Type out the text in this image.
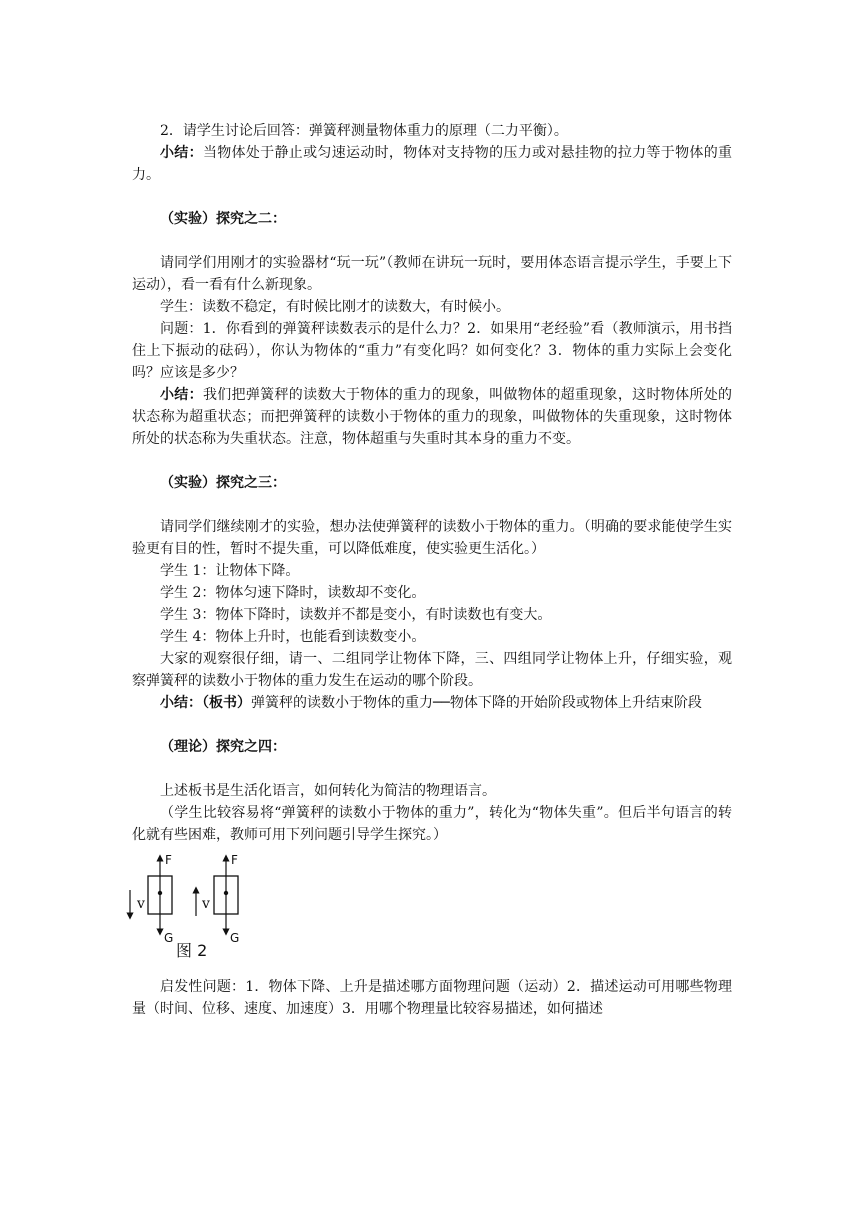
2．请学生讨论后回答：弹簧秤测量物体重力的原理（二力平衡）。

小结：当物体处于静止或匀速运动时，物体对支持物的压力或对悬挂物的拉力等于物体的重力。

（实验）探究之二：

请同学们用刚才的实验器材“玩一玩”（教师在讲玩一玩时，要用体态语言提示学生，手要上下运动），看一看有什么新现象。

学生：读数不稳定，有时候比刚才的读数大，有时候小。

问题：1．你看到的弹簧秤读数表示的是什么力？2．如果用“老经验”看（教师演示，用书挡住上下振动的砝码），你认为物体的“重力”有变化吗？如何变化？3．物体的重力实际上会变化吗？应该是多少？

小结：我们把弹簧秤的读数大于物体的重力的现象，叫做物体的超重现象，这时物体所处的状态称为超重状态；而把弹簧秤的读数小于物体的重力的现象，叫做物体的失重现象，这时物体所处的状态称为失重状态。注意，物体超重与失重时其本身的重力不变。

（实验）探究之三：

请同学们继续刚才的实验，想办法使弹簧秤的读数小于物体的重力。（明确的要求能使学生实验更有目的性，暂时不提失重，可以降低难度，使实验更生活化。）

学生 1：让物体下降。

学生 2：物体匀速下降时，读数却不变化。

学生 3：物体下降时，读数并不都是变小，有时读数也有变大。

学生 4：物体上升时，也能看到读数变小。

大家的观察很仔细，请一、二组同学让物体下降，三、四组同学让物体上升，仔细实验，观察弹簧秤的读数小于物体的重力发生在运动的哪个阶段。

小结：（板书）弹簧秤的读数小于物体的重力──物体下降的开始阶段或物体上升结束阶段

（理论）探究之四：

上述板书是生活化语言，如何转化为简洁的物理语言。

（学生比较容易将“弹簧秤的读数小于物体的重力”，转化为“物体失重”。但后半句语言的转化就有些困难，教师可用下列问题引导学生探究。）

F
v
G
F
v
G
图 2

启发性问题：1．物体下降、上升是描述哪方面物理问题（运动）2．描述运动可用哪些物理量（时间、位移、速度、加速度）3．用哪个物理量比较容易描述，如何描述
